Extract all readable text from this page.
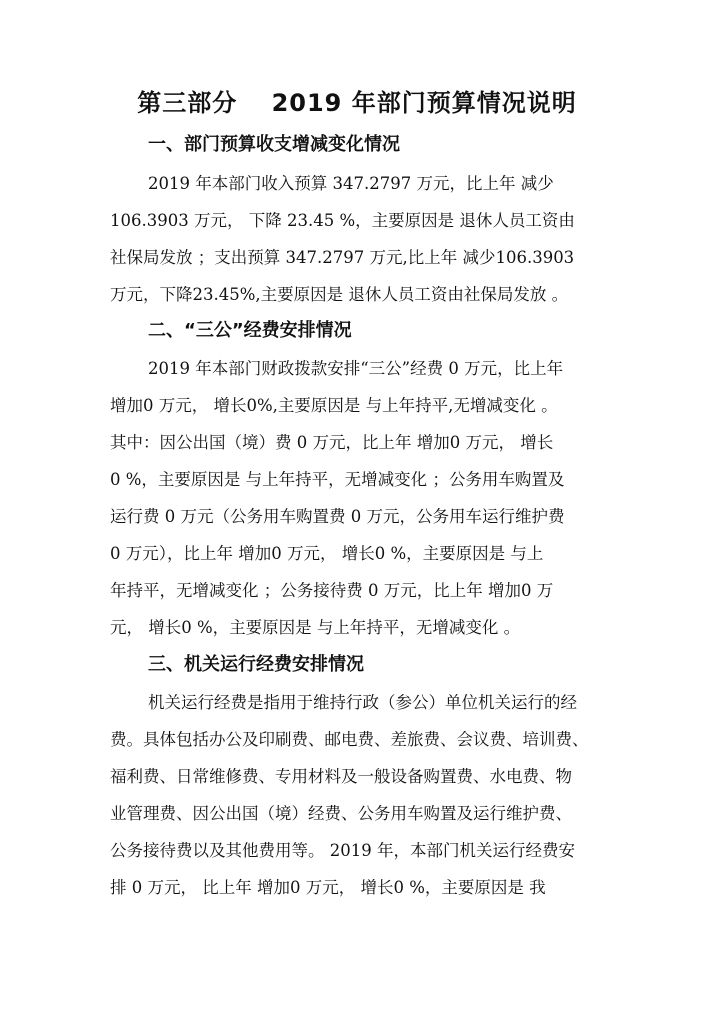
第三部分　 2019 年部门预算情况说明
一、部门预算收支增减变化情况

2019 年本部门收入预算 347.2797 万元，比上年 减少

106.3903 万元， 下降 23.45 %，主要原因是 退休人员工资由

社保局发放 ；支出预算 347.2797 万元,比上年 减少106.3903

万元，下降23.45%,主要原因是 退休人员工资由社保局发放 。

二、“三公”经费安排情况

2019 年本部门财政拨款安排“三公”经费 0 万元，比上年

增加0 万元， 增长0%,主要原因是 与上年持平,无增减变化 。

其中：因公出国（境）费 0 万元，比上年 增加0 万元， 增长

0 %，主要原因是 与上年持平，无增减变化 ；公务用车购置及

运行费 0 万元（公务用车购置费 0 万元，公务用车运行维护费

0 万元），比上年 增加0 万元， 增长0 %，主要原因是 与上

年持平，无增减变化 ；公务接待费 0 万元，比上年 增加0 万

元， 增长0 %，主要原因是 与上年持平，无增减变化 。

三、机关运行经费安排情况

机关运行经费是指用于维持行政（参公）单位机关运行的经

费。具体包括办公及印刷费、邮电费、差旅费、会议费、培训费、

福利费、日常维修费、专用材料及一般设备购置费、水电费、物

业管理费、因公出国（境）经费、公务用车购置及运行维护费、

公务接待费以及其他费用等。 2019 年，本部门机关运行经费安

排 0 万元， 比上年 增加0 万元， 增长0 %，主要原因是 我
